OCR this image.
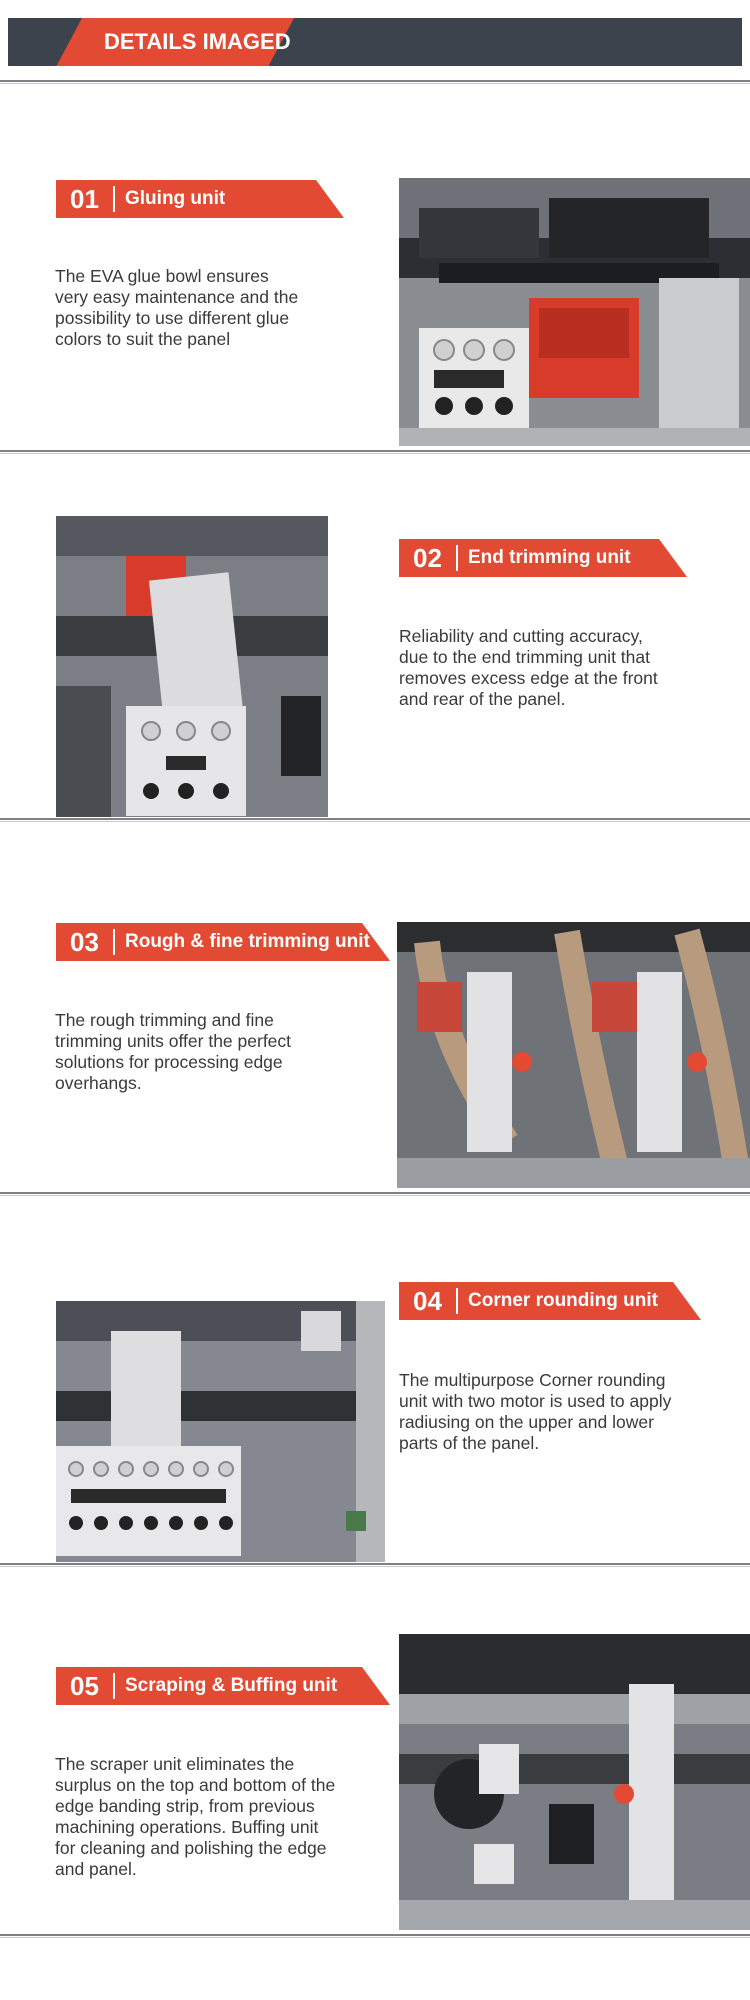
DETAILS IMAGED
01 Gluing unit

The EVA glue bowl ensures

very easy maintenance and the

possibility to use different glue

colors to suit the panel

02 End trimming unit

Reliability and cutting accuracy,

due to the end trimming unit that

removes excess edge at the front

and rear of the panel.

03 Rough & fine trimming unit

The rough trimming and fine

trimming units offer the perfect

solutions for processing edge

overhangs.

04 Corner rounding unit

The multipurpose Corner rounding

unit with two motor is used to apply

radiusing on the upper and lower

parts of the panel.

05 Scraping & Buffing unit

The scraper unit eliminates the

surplus on the top and bottom of the

edge banding strip, from previous

machining operations. Buffing unit

for cleaning and polishing the edge

and panel.
